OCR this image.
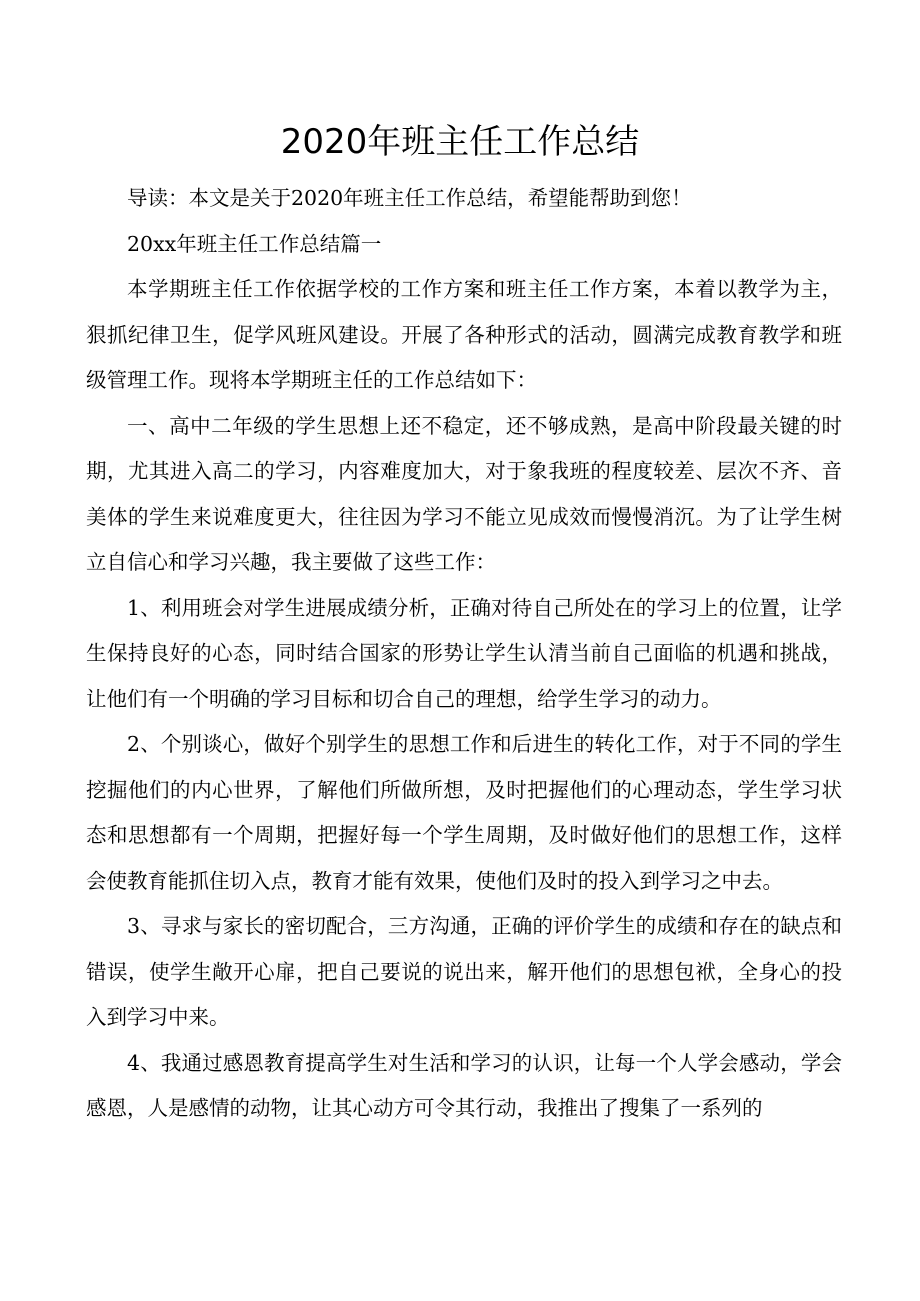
2020年班主任工作总结

导读：本文是关于2020年班主任工作总结，希望能帮助到您！

20xx年班主任工作总结篇一

本学期班主任工作依据学校的工作方案和班主任工作方案，本着以教学为主，狠抓纪律卫生，促学风班风建设。开展了各种形式的活动，圆满完成教育教学和班级管理工作。现将本学期班主任的工作总结如下：

一、高中二年级的学生思想上还不稳定，还不够成熟，是高中阶段最关键的时期，尤其进入高二的学习，内容难度加大，对于象我班的程度较差、层次不齐、音美体的学生来说难度更大，往往因为学习不能立见成效而慢慢消沉。为了让学生树立自信心和学习兴趣，我主要做了这些工作：

1、利用班会对学生进展成绩分析，正确对待自己所处在的学习上的位置，让学生保持良好的心态，同时结合国家的形势让学生认清当前自己面临的机遇和挑战，让他们有一个明确的学习目标和切合自己的理想，给学生学习的动力。

2、个别谈心，做好个别学生的思想工作和后进生的转化工作，对于不同的学生挖掘他们的内心世界，了解他们所做所想，及时把握他们的心理动态，学生学习状态和思想都有一个周期，把握好每一个学生周期，及时做好他们的思想工作，这样会使教育能抓住切入点，教育才能有效果，使他们及时的投入到学习之中去。

3、寻求与家长的密切配合，三方沟通，正确的评价学生的成绩和存在的缺点和错误，使学生敞开心扉，把自己要说的说出来，解开他们的思想包袱，全身心的投入到学习中来。

4、我通过感恩教育提高学生对生活和学习的认识，让每一个人学会感动，学会感恩，人是感情的动物，让其心动方可令其行动，我推出了搜集了一系列的
